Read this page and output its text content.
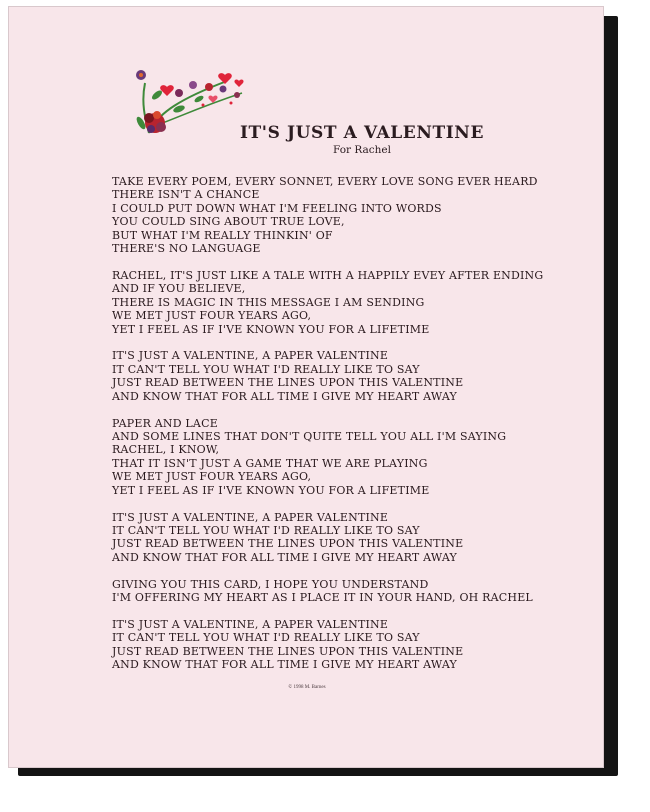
IT'S JUST A VALENTINE
For Rachel
TAKE EVERY POEM, EVERY SONNET, EVERY LOVE SONG EVER HEARD
THERE ISN'T A CHANCE
I COULD PUT DOWN WHAT I'M FEELING INTO WORDS
YOU COULD SING ABOUT TRUE LOVE,
BUT WHAT I'M REALLY THINKIN' OF
THERE'S NO LANGUAGE
RACHEL, IT'S JUST LIKE A TALE WITH A HAPPILY EVEY AFTER ENDING
AND IF YOU BELIEVE,
THERE IS MAGIC IN THIS MESSAGE I AM SENDING
WE MET JUST FOUR YEARS AGO,
YET I FEEL AS IF I'VE KNOWN YOU FOR A LIFETIME
IT'S JUST A VALENTINE, A PAPER VALENTINE
IT CAN'T TELL YOU WHAT I'D REALLY LIKE TO SAY
JUST READ BETWEEN THE LINES UPON THIS VALENTINE
AND KNOW THAT FOR ALL TIME I GIVE MY HEART AWAY
PAPER AND LACE
AND SOME LINES THAT DON'T QUITE TELL YOU ALL I'M SAYING
RACHEL, I KNOW,
THAT IT ISN'T JUST A GAME THAT WE ARE PLAYING
WE MET JUST FOUR YEARS AGO,
YET I FEEL AS IF I'VE KNOWN YOU FOR A LIFETIME
IT'S JUST A VALENTINE, A PAPER VALENTINE
IT CAN'T TELL YOU WHAT I'D REALLY LIKE TO SAY
JUST READ BETWEEN THE LINES UPON THIS VALENTINE
AND KNOW THAT FOR ALL TIME I GIVE MY HEART AWAY
GIVING YOU THIS CARD, I HOPE YOU UNDERSTAND
I'M OFFERING MY HEART AS I PLACE IT IN YOUR HAND, OH RACHEL
IT'S JUST A VALENTINE, A PAPER VALENTINE
IT CAN'T TELL YOU WHAT I'D REALLY LIKE TO SAY
JUST READ BETWEEN THE LINES UPON THIS VALENTINE
AND KNOW THAT FOR ALL TIME I GIVE MY HEART AWAY
© 1998 M. Barnes
